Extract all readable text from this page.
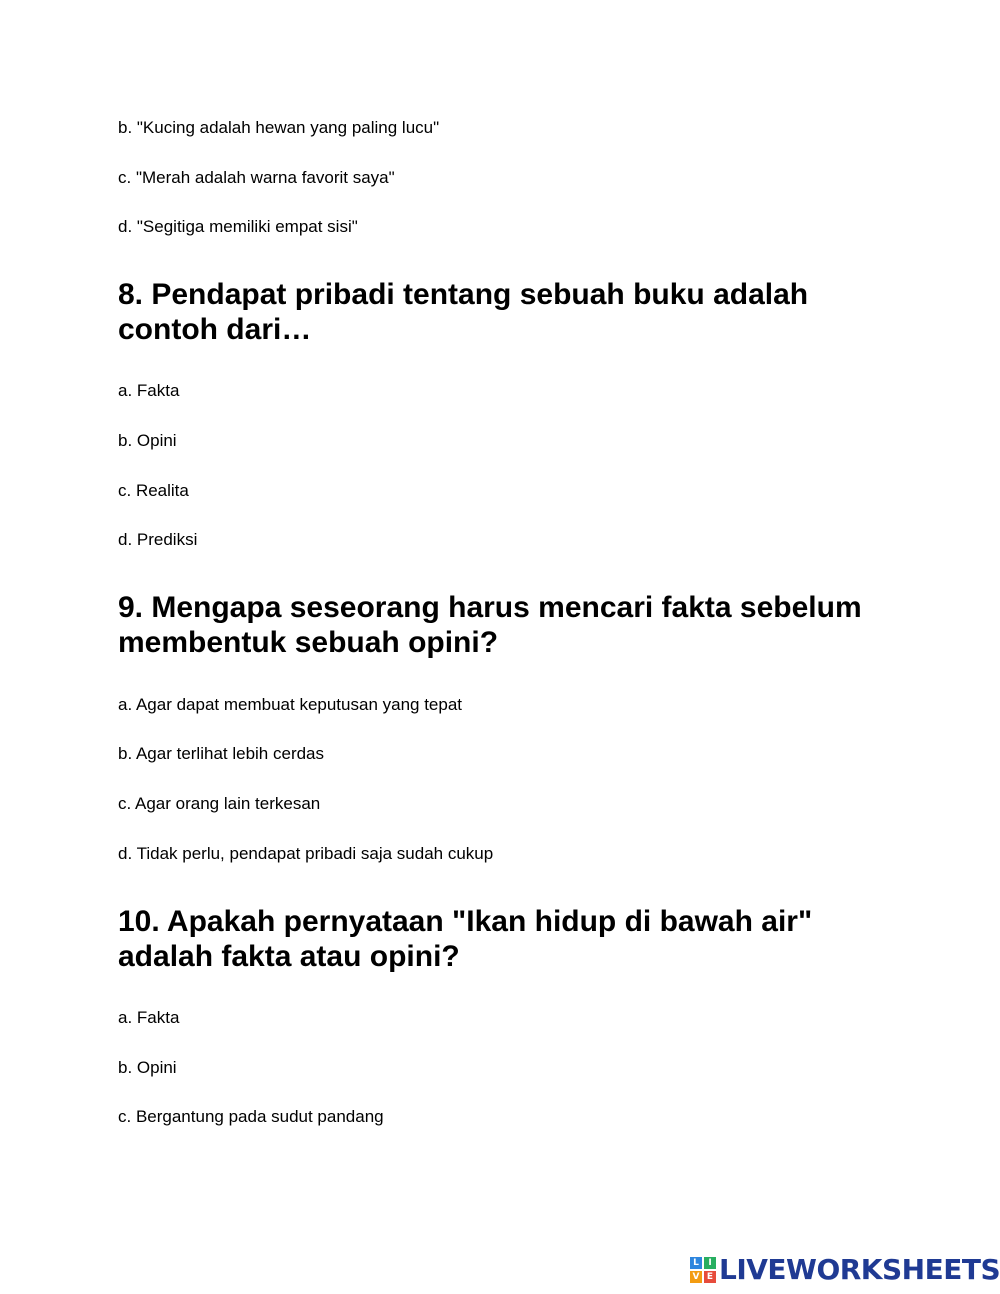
b. "Kucing adalah hewan yang paling lucu"
c. "Merah adalah warna favorit saya"
d. "Segitiga memiliki empat sisi"
8. Pendapat pribadi tentang sebuah buku adalah contoh dari…
a. Fakta
b. Opini
c. Realita
d. Prediksi
9. Mengapa seseorang harus mencari fakta sebelum membentuk sebuah opini?
a. Agar dapat membuat keputusan yang tepat
b. Agar terlihat lebih cerdas
c. Agar orang lain terkesan
d. Tidak perlu, pendapat pribadi saja sudah cukup
10. Apakah pernyataan "Ikan hidup di bawah air" adalah fakta atau opini?
a. Fakta
b. Opini
c. Bergantung pada sudut pandang
L	I
V E LIVEWORKSHEETS
